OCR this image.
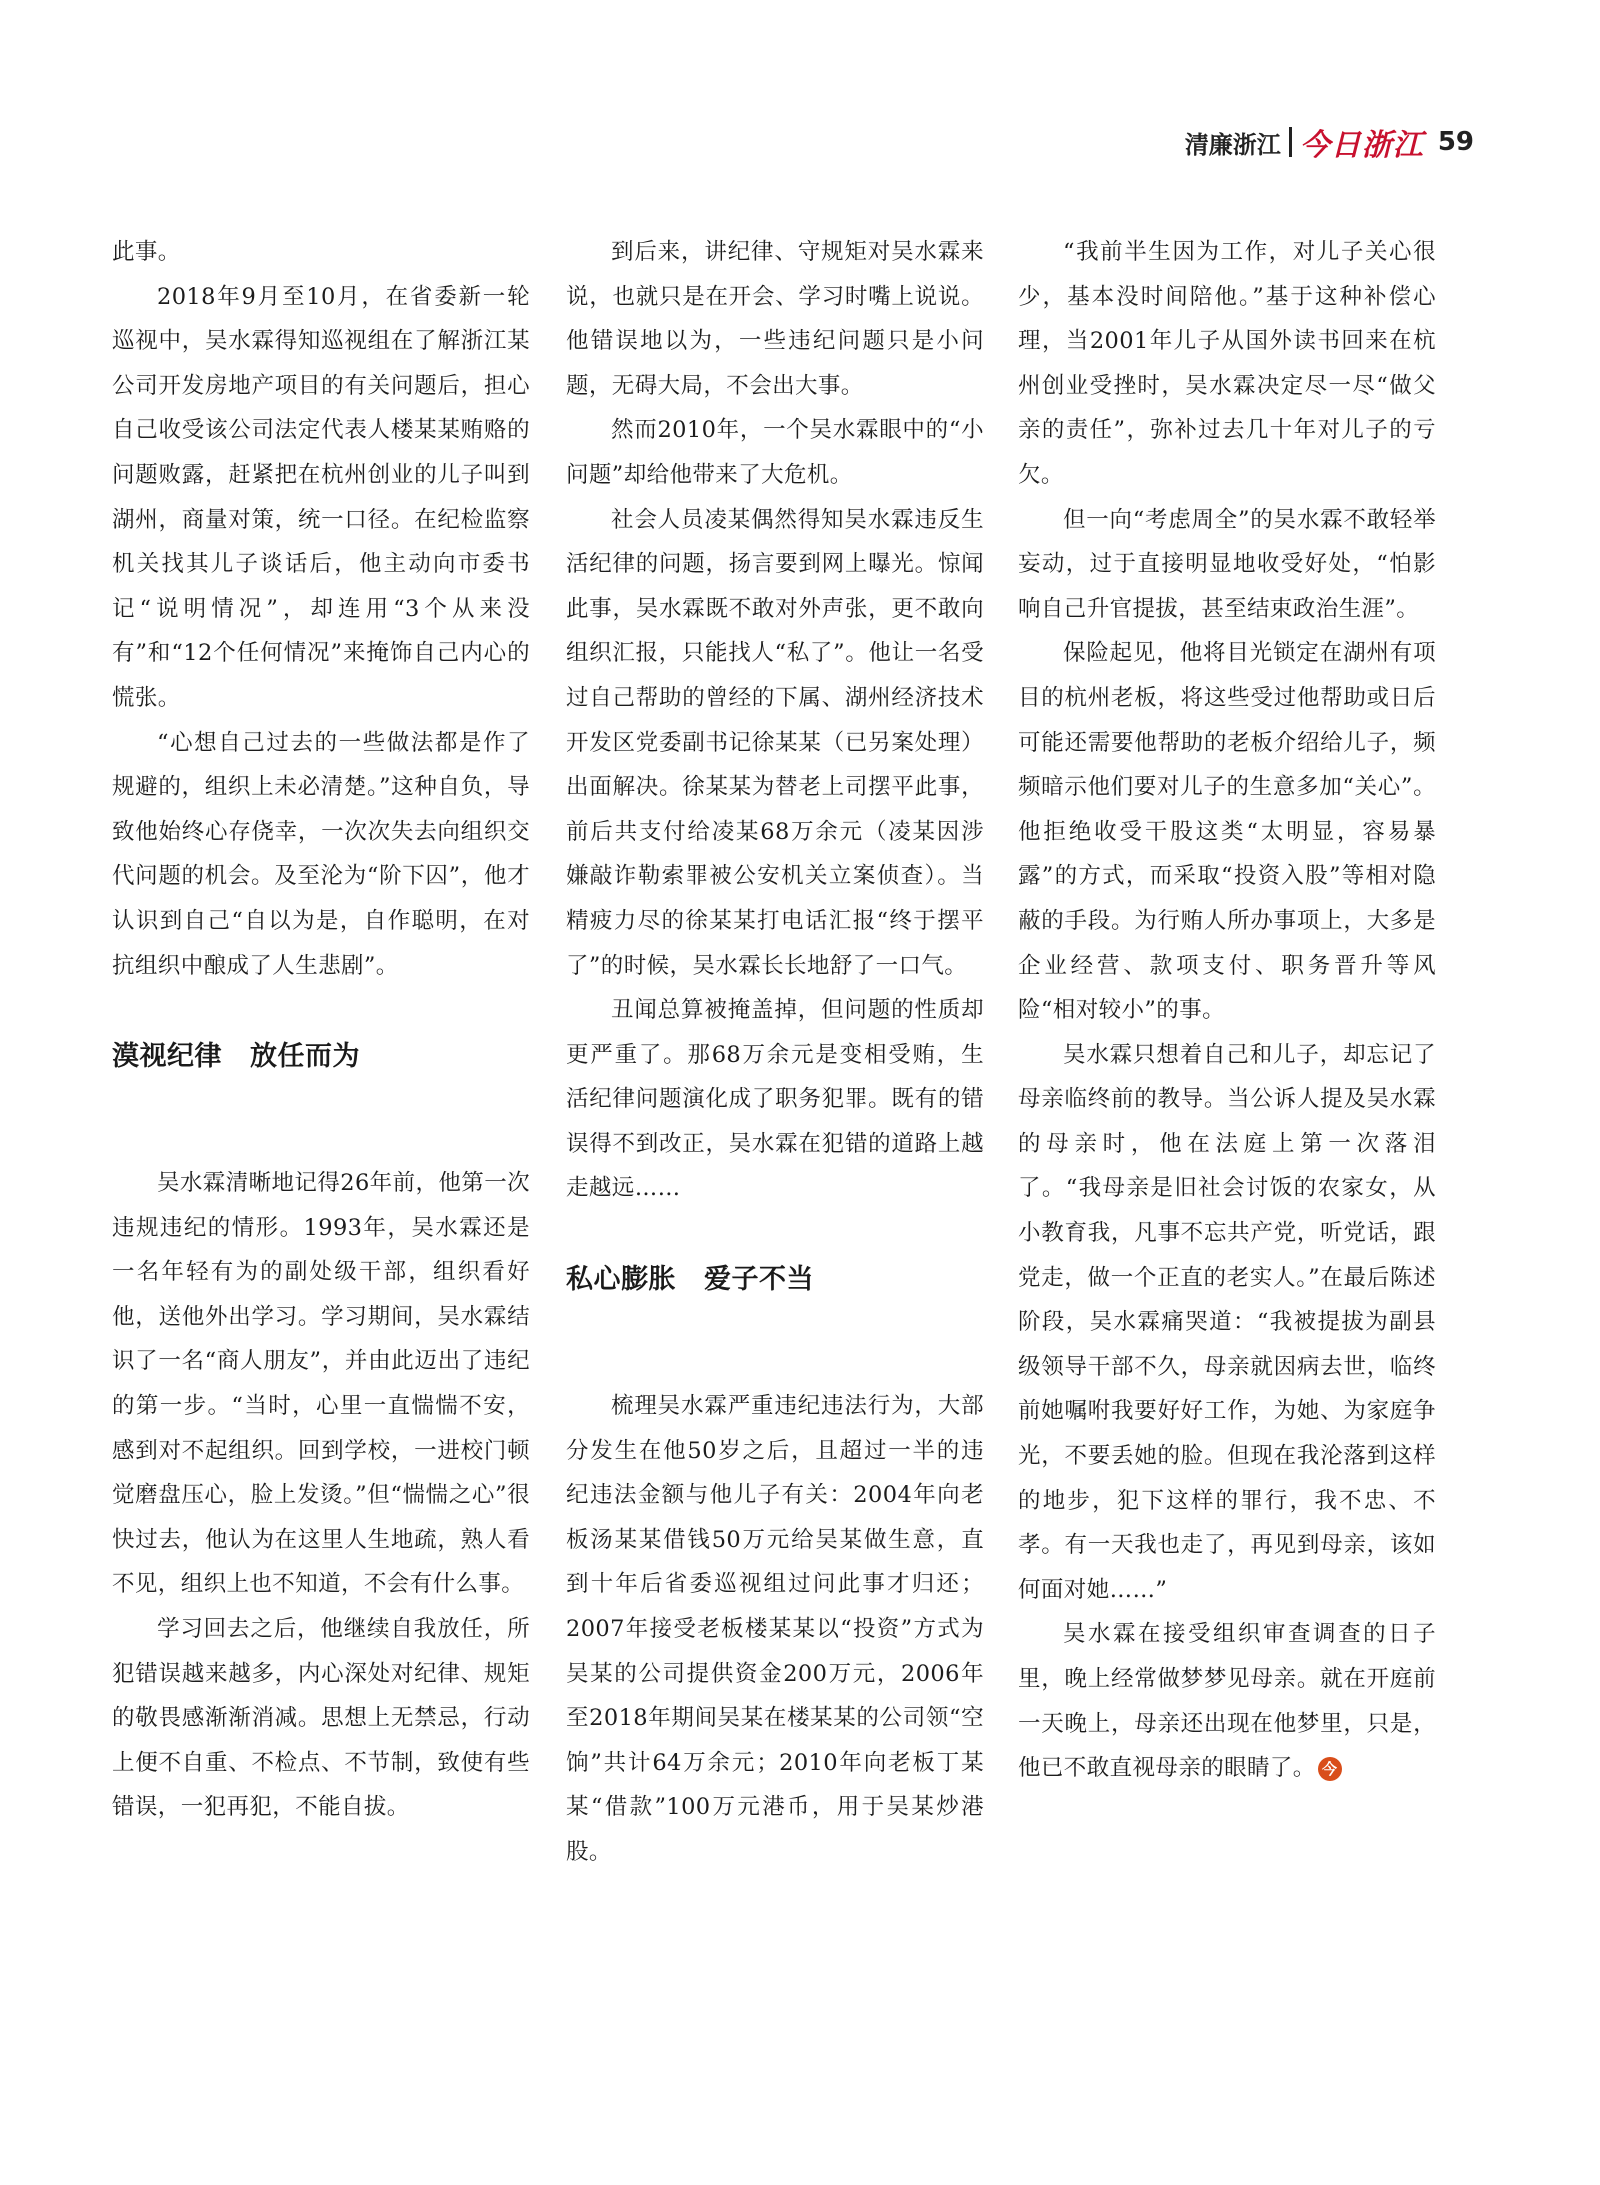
清廉浙江 今日浙江 59

此事。

2018年9月至10月，在省委新一轮巡视中，吴水霖得知巡视组在了解浙江某公司开发房地产项目的有关问题后，担心自己收受该公司法定代表人楼某某贿赂的问题败露，赶紧把在杭州创业的儿子叫到湖州，商量对策，统一口径。在纪检监察机关找其儿子谈话后，他主动向市委书记“说明情况”，却连用“3个从来没有”和“12个任何情况”来掩饰自己内心的慌张。

“心想自己过去的一些做法都是作了规避的，组织上未必清楚。”这种自负，导致他始终心存侥幸，一次次失去向组织交代问题的机会。及至沦为“阶下囚”，他才认识到自己“自以为是，自作聪明，在对抗组织中酿成了人生悲剧”。

漠视纪律 放任而为

吴水霖清晰地记得26年前，他第一次违规违纪的情形。1993年，吴水霖还是一名年轻有为的副处级干部，组织看好他，送他外出学习。学习期间，吴水霖结识了一名“商人朋友”，并由此迈出了违纪的第一步。“当时，心里一直惴惴不安，感到对不起组织。回到学校，一进校门顿觉磨盘压心，脸上发烫。”但“惴惴之心”很快过去，他认为在这里人生地疏，熟人看不见，组织上也不知道，不会有什么事。

学习回去之后，他继续自我放任，所犯错误越来越多，内心深处对纪律、规矩的敬畏感渐渐消减。思想上无禁忌，行动上便不自重、不检点、不节制，致使有些错误，一犯再犯，不能自拔。

到后来，讲纪律、守规矩对吴水霖来说，也就只是在开会、学习时嘴上说说。他错误地以为，一些违纪问题只是小问题，无碍大局，不会出大事。

然而2010年，一个吴水霖眼中的“小问题”却给他带来了大危机。

社会人员凌某偶然得知吴水霖违反生活纪律的问题，扬言要到网上曝光。惊闻此事，吴水霖既不敢对外声张，更不敢向组织汇报，只能找人“私了”。他让一名受过自己帮助的曾经的下属、湖州经济技术开发区党委副书记徐某某（已另案处理）出面解决。徐某某为替老上司摆平此事，前后共支付给凌某68万余元（凌某因涉嫌敲诈勒索罪被公安机关立案侦查）。当精疲力尽的徐某某打电话汇报“终于摆平了”的时候，吴水霖长长地舒了一口气。

丑闻总算被掩盖掉，但问题的性质却更严重了。那68万余元是变相受贿，生活纪律问题演化成了职务犯罪。既有的错误得不到改正，吴水霖在犯错的道路上越走越远……

私心膨胀 爱子不当

梳理吴水霖严重违纪违法行为，大部分发生在他50岁之后，且超过一半的违纪违法金额与他儿子有关：2004年向老板汤某某借钱50万元给吴某做生意，直到十年后省委巡视组过问此事才归还；2007年接受老板楼某某以“投资”方式为吴某的公司提供资金200万元，2006年至2018年期间吴某在楼某某的公司领“空饷”共计64万余元；2010年向老板丁某某“借款”100万元港币，用于吴某炒港股。

“我前半生因为工作，对儿子关心很少，基本没时间陪他。”基于这种补偿心理，当2001年儿子从国外读书回来在杭州创业受挫时，吴水霖决定尽一尽“做父亲的责任”，弥补过去几十年对儿子的亏欠。

但一向“考虑周全”的吴水霖不敢轻举妄动，过于直接明显地收受好处，“怕影响自己升官提拔，甚至结束政治生涯”。

保险起见，他将目光锁定在湖州有项目的杭州老板，将这些受过他帮助或日后可能还需要他帮助的老板介绍给儿子，频频暗示他们要对儿子的生意多加“关心”。他拒绝收受干股这类“太明显，容易暴露”的方式，而采取“投资入股”等相对隐蔽的手段。为行贿人所办事项上，大多是企业经营、款项支付、职务晋升等风险“相对较小”的事。

吴水霖只想着自己和儿子，却忘记了母亲临终前的教导。当公诉人提及吴水霖的母亲时，他在法庭上第一次落泪了。“我母亲是旧社会讨饭的农家女，从小教育我，凡事不忘共产党，听党话，跟党走，做一个正直的老实人。”在最后陈述阶段，吴水霖痛哭道：“我被提拔为副县级领导干部不久，母亲就因病去世，临终前她嘱咐我要好好工作，为她、为家庭争光，不要丢她的脸。但现在我沦落到这样的地步，犯下这样的罪行，我不忠、不孝。有一天我也走了，再见到母亲，该如何面对她……”

吴水霖在接受组织审查调查的日子里，晚上经常做梦梦见母亲。就在开庭前一天晚上，母亲还出现在他梦里，只是，他已不敢直视母亲的眼睛了。 今
